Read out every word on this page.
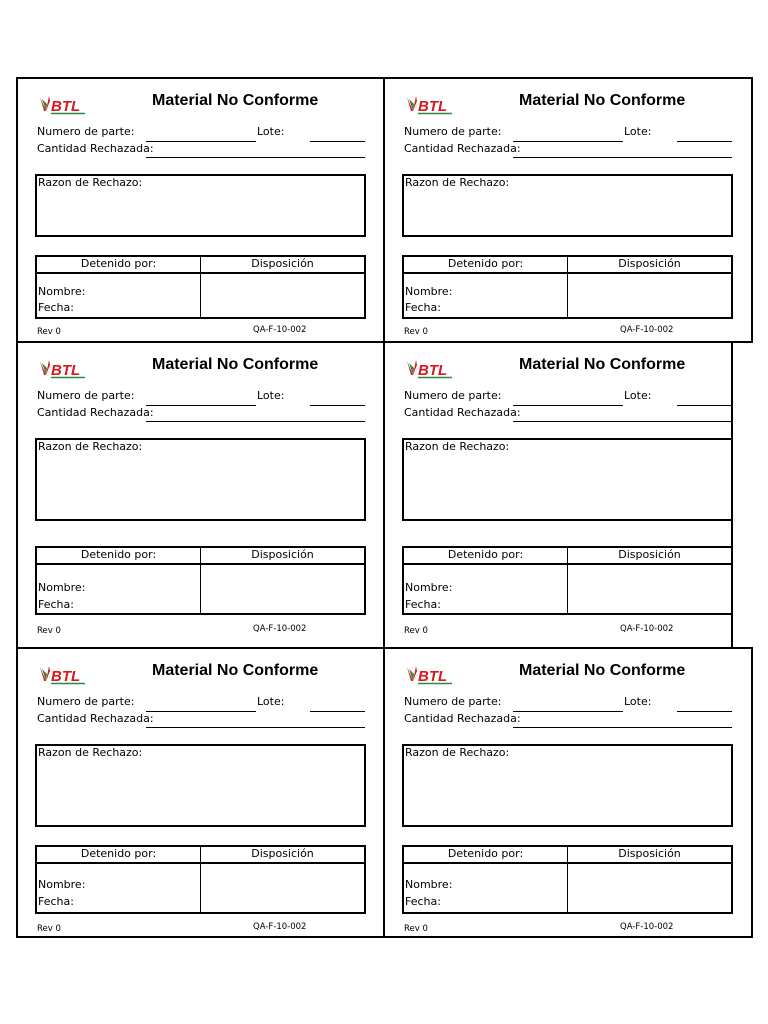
BTL	Material No Conforme
Numero de parte:	Lote:
Cantidad Rechazada:
Razon de Rechazo:
Detenido por:	Disposición
Nombre:
Fecha:
Rev 0	QA-F-10-002
BTL	Material No Conforme
Numero de parte:	Lote:
Cantidad Rechazada:
Razon de Rechazo:
Detenido por:	Disposición
Nombre:
Fecha:
Rev 0	QA-F-10-002
BTL	Material No Conforme
Numero de parte:	Lote:
Cantidad Rechazada:
Razon de Rechazo:
Detenido por:	Disposición
Nombre:
Fecha:
Rev 0	QA-F-10-002
BTL	Material No Conforme
Numero de parte:	Lote:
Cantidad Rechazada:
Razon de Rechazo:
Detenido por:	Disposición
Nombre:
Fecha:
Rev 0	QA-F-10-002
BTL	Material No Conforme
Numero de parte:	Lote:
Cantidad Rechazada:
Razon de Rechazo:
Detenido por:	Disposición
Nombre:
Fecha:
Rev 0	QA-F-10-002
BTL	Material No Conforme
Numero de parte:	Lote:
Cantidad Rechazada:
Razon de Rechazo:
Detenido por:	Disposición
Nombre:
Fecha:
Rev 0	QA-F-10-002
